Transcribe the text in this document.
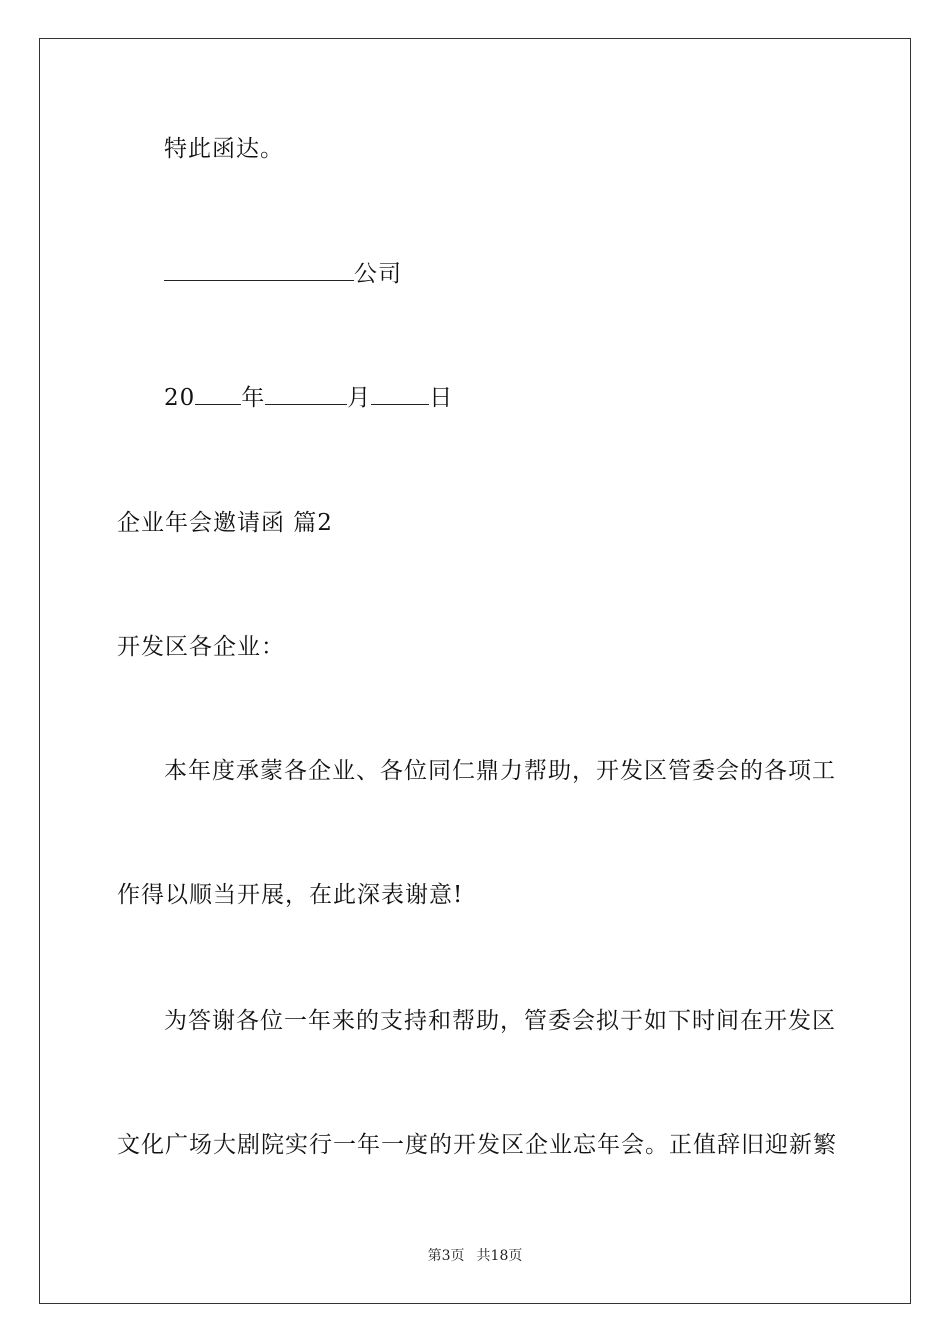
特此函达。
公司
20 年	月	日
企业年会邀请函 篇2
开发区各企业：
本年度承蒙各企业、各位同仁鼎力帮助，开发区管委会的各项工
作得以顺当开展，在此深表谢意!
为答谢各位一年来的支持和帮助，管委会拟于如下时间在开发区
文化广场大剧院实行一年一度的开发区企业忘年会。正值辞旧迎新繁
第3页 共18页
